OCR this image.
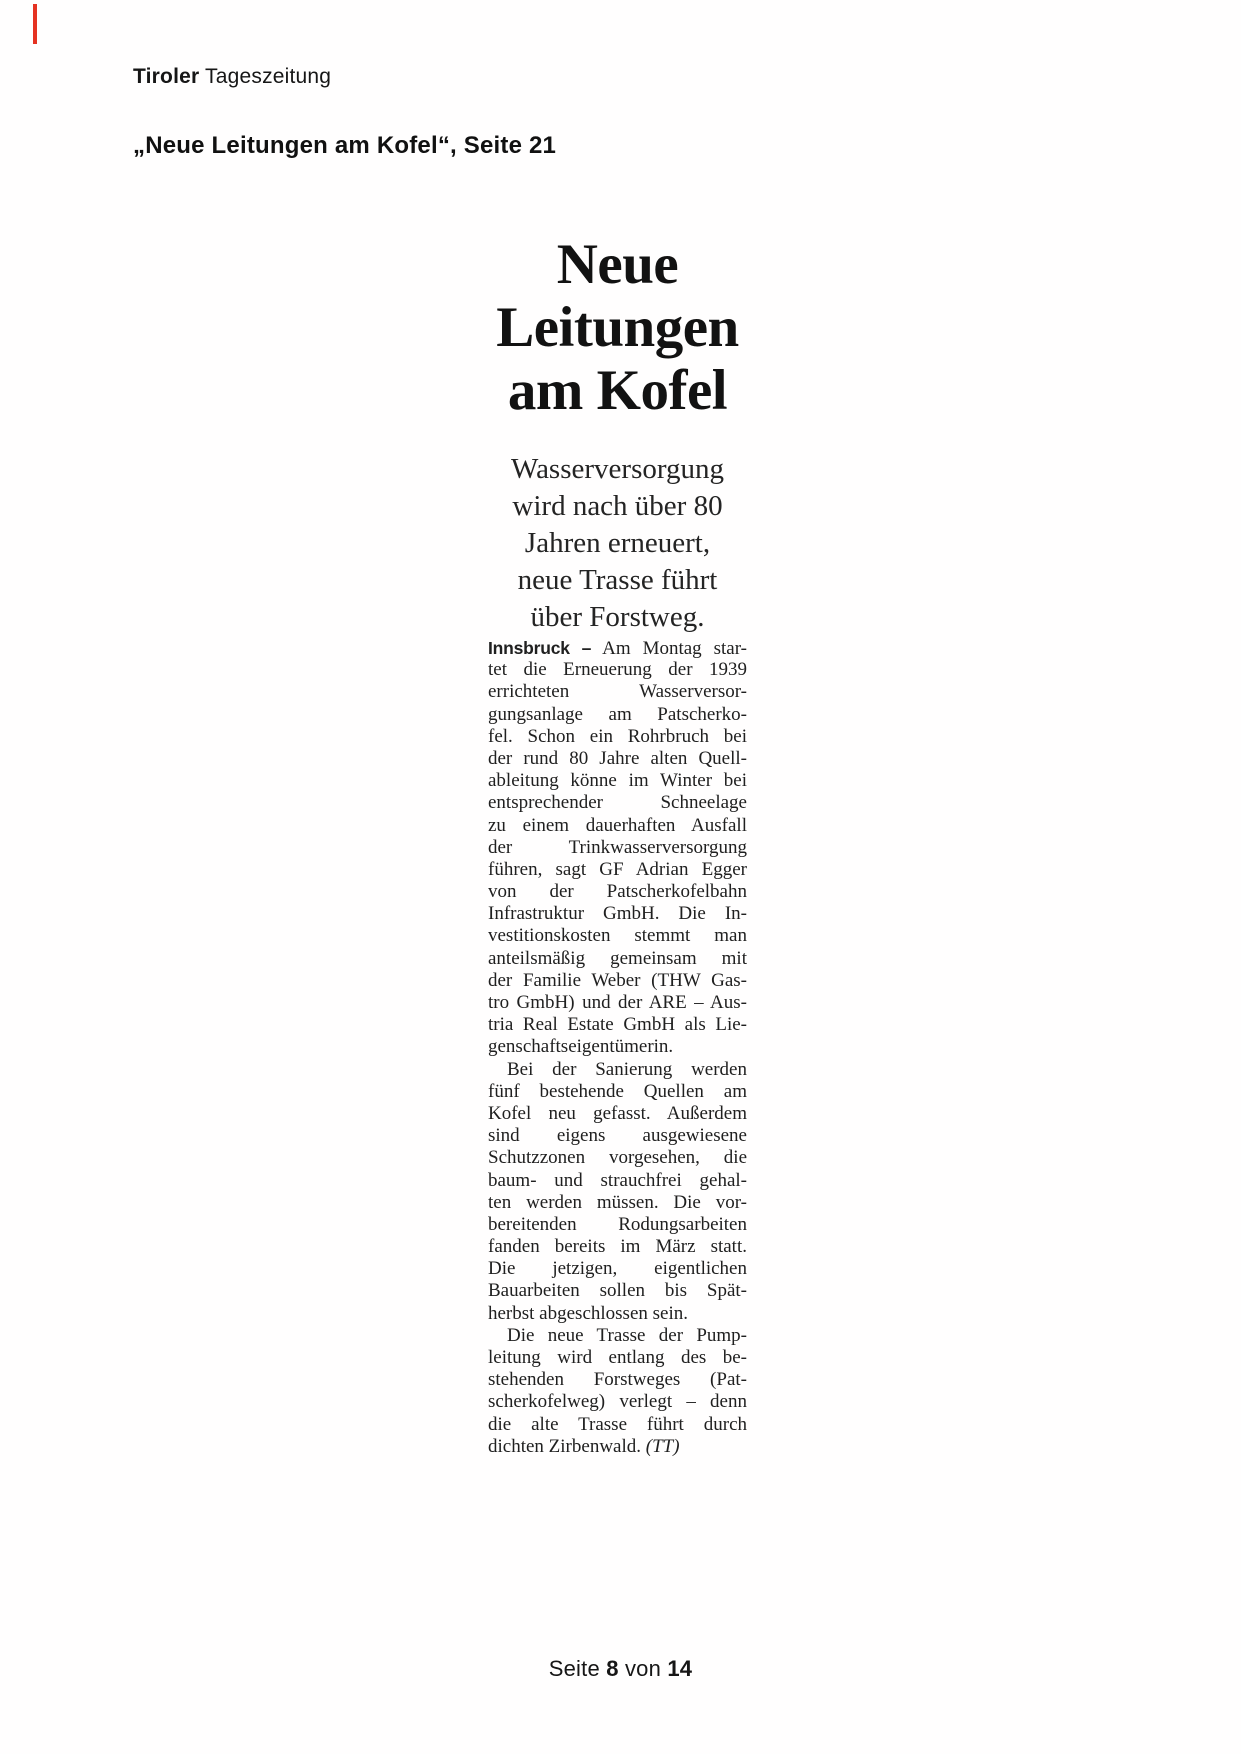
Tiroler Tageszeitung
„Neue Leitungen am Kofel“, Seite 21
Neue
Leitungen
am Kofel
Wasserversorgung
wird nach über 80
Jahren erneuert,
neue Trasse führt
über Forstweg.
Innsbruck – Am Montag star-
tet die Erneuerung der 1939
errichteten Wasserversor-
gungsanlage am Patscherko-
fel. Schon ein Rohrbruch bei
der rund 80 Jahre alten Quell-
ableitung könne im Winter bei
entsprechender Schneelage
zu einem dauerhaften Ausfall
der Trinkwasserversorgung
führen, sagt GF Adrian Egger
von der Patscherkofelbahn
Infrastruktur GmbH. Die In-
vestitionskosten stemmt man
anteilsmäßig gemeinsam mit
der Familie Weber (THW Gas-
tro GmbH) und der ARE – Aus-
tria Real Estate GmbH als Lie-
genschaftseigentümerin.
Bei der Sanierung werden
fünf bestehende Quellen am
Kofel neu gefasst. Außerdem
sind eigens ausgewiesene
Schutzzonen vorgesehen, die
baum- und strauchfrei gehal-
ten werden müssen. Die vor-
bereitenden Rodungsarbeiten
fanden bereits im März statt.
Die jetzigen, eigentlichen
Bauarbeiten sollen bis Spät-
herbst abgeschlossen sein.
Die neue Trasse der Pump-
leitung wird entlang des be-
stehenden Forstweges (Pat-
scherkofelweg) verlegt – denn
die alte Trasse führt durch
dichten Zirbenwald. (TT)
Seite 8 von 14
